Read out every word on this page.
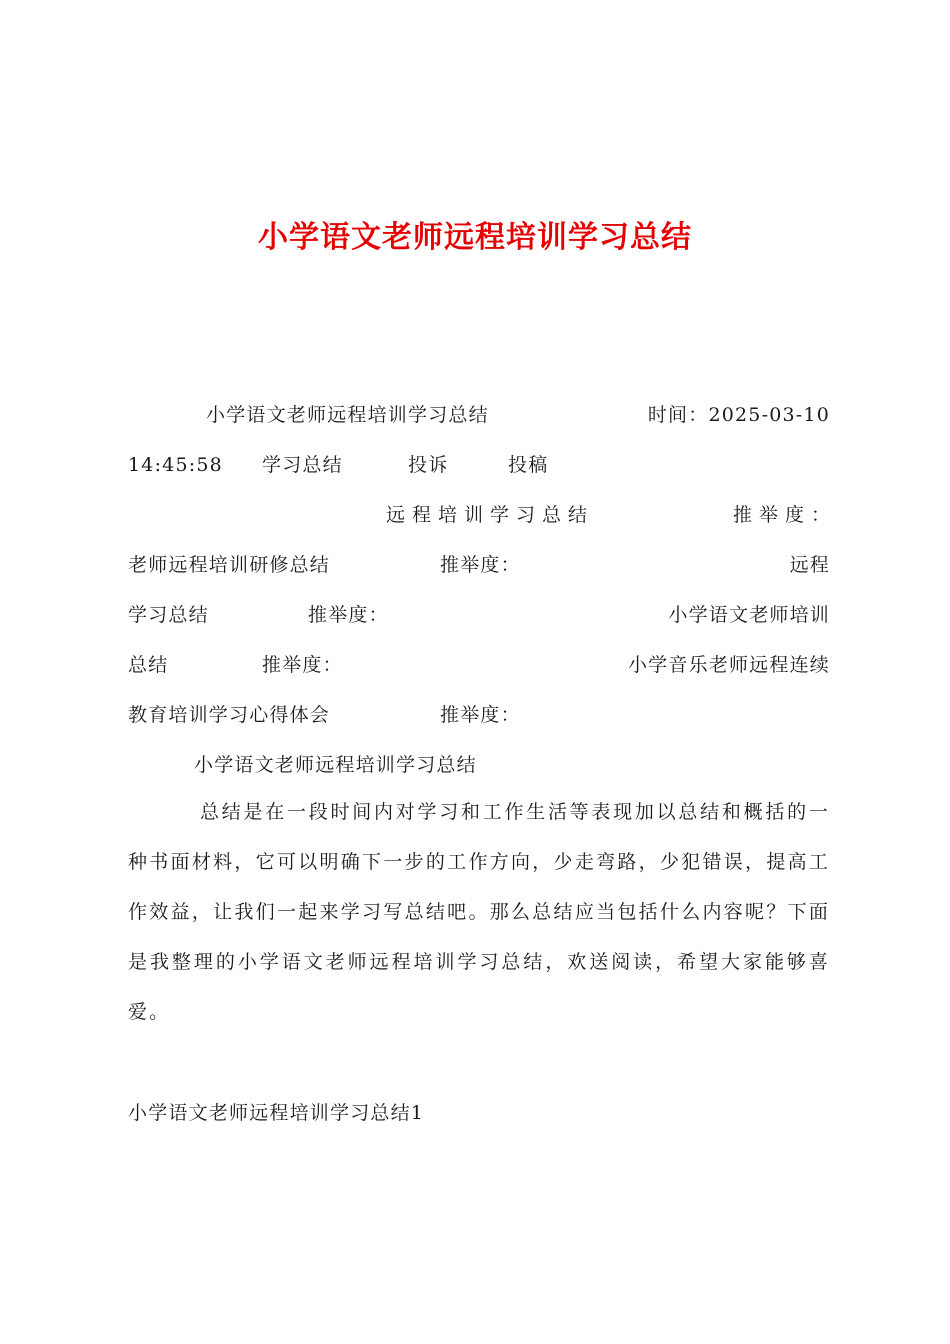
小学语文老师远程培训学习总结
小学语文老师远程培训学习总结	时间：2025-03-10
14:45:58 学习总结	投诉	投稿
远程培训学习总结	推举度：
老师远程培训研修总结	推举度：	远程
学习总结	推举度：	小学语文老师培训
总结	推举度：	小学音乐老师远程连续
教育培训学习心得体会	推举度：
小学语文老师远程培训学习总结
总结是在一段时间内对学习和工作生活等表现加以总结和概括的一种书面材料，它可以明确下一步的工作方向，少走弯路，少犯错误，提高工作效益，让我们一起来学习写总结吧。那么总结应当包括什么内容呢？下面是我整理的小学语文老师远程培训学习总结，欢送阅读，希望大家能够喜爱。
小学语文老师远程培训学习总结1
